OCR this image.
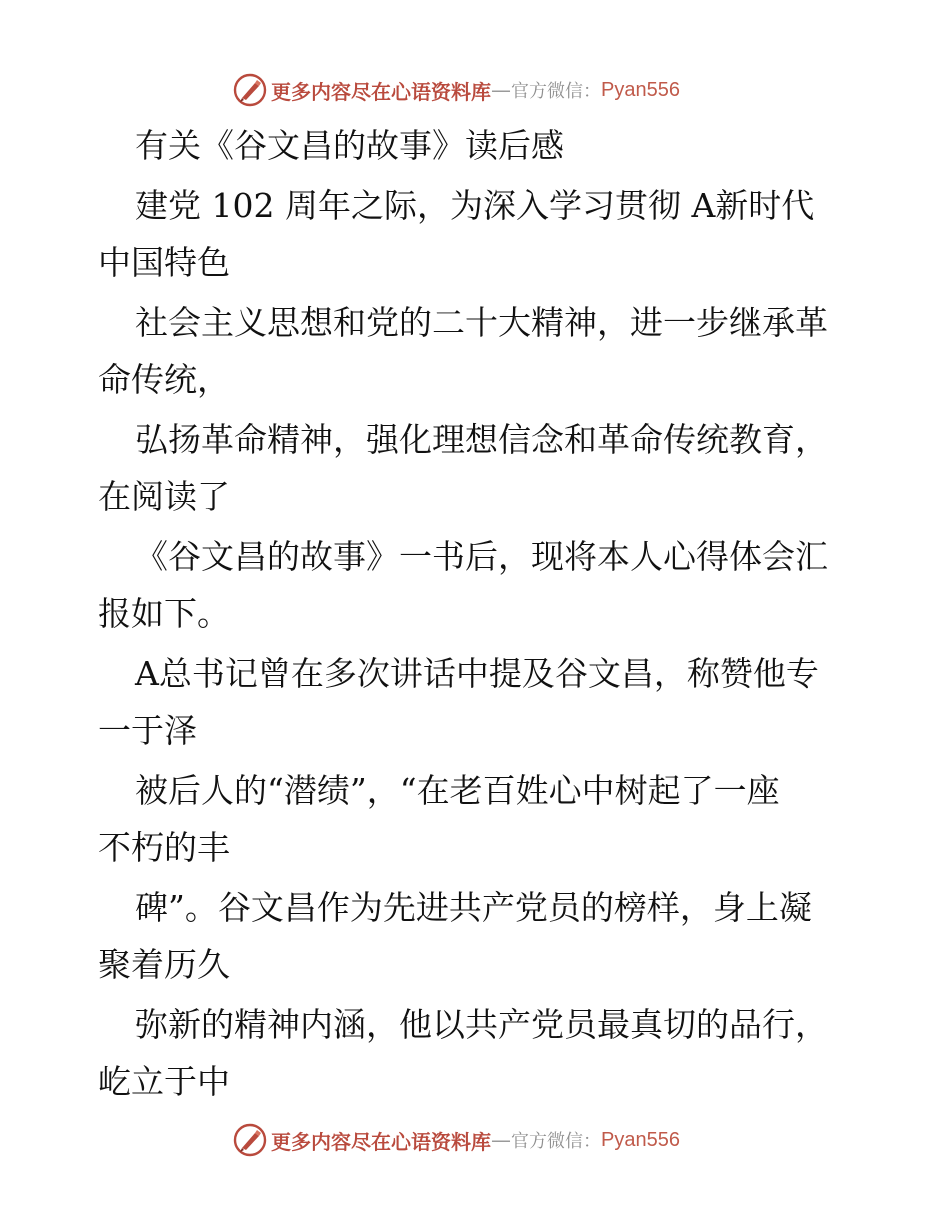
更多内容尽在心语资料库 — 官方微信： Pyan556
有关《谷文昌的故事》读后感
建党 102 周年之际，为深入学习贯彻 A新时代
中国特色
社会主义思想和党的二十大精神，进一步继承革
命传统，
弘扬革命精神，强化理想信念和革命传统教育，
在阅读了
《谷文昌的故事》一书后，现将本人心得体会汇
报如下。
A总书记曾在多次讲话中提及谷文昌，称赞他专
一于泽
被后人的“潜绩”，“在老百姓心中树起了一座
不朽的丰
碑”。谷文昌作为先进共产党员的榜样，身上凝
聚着历久
弥新的精神内涵，他以共产党员最真切的品行，
屹立于中
更多内容尽在心语资料库 — 官方微信： Pyan556
